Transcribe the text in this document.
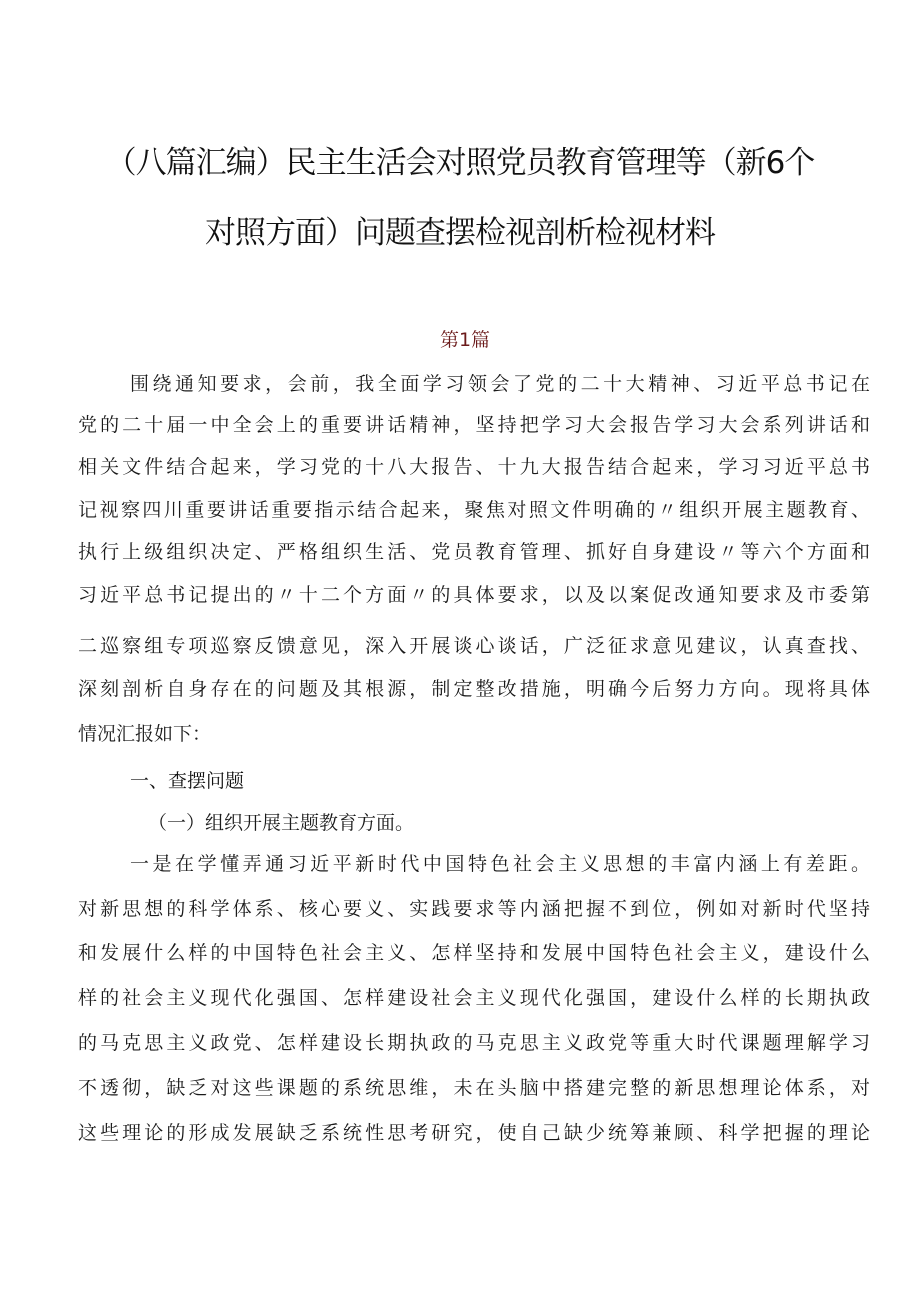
（八篇汇编）民主生活会对照党员教育管理等（新6个
对照方面）问题查摆检视剖析检视材料
第1篇
围绕通知要求，会前，我全面学习领会了党的二十大精神、习近平总书记在
党的二十届一中全会上的重要讲话精神，坚持把学习大会报告学习大会系列讲话和
相关文件结合起来，学习党的十八大报告、十九大报告结合起来，学习习近平总书
记视察四川重要讲话重要指示结合起来，聚焦对照文件明确的〃组织开展主题教育、
执行上级组织决定、严格组织生活、党员教育管理、抓好自身建设〃等六个方面和
习近平总书记提出的〃十二个方面〃的具体要求，以及以案促改通知要求及市委第
二巡察组专项巡察反馈意见，深入开展谈心谈话，广泛征求意见建议，认真查找、
深刻剖析自身存在的问题及其根源，制定整改措施，明确今后努力方向。现将具体
情况汇报如下：
一、查摆问题
（一）组织开展主题教育方面。
一是在学懂弄通习近平新时代中国特色社会主义思想的丰富内涵上有差距。
对新思想的科学体系、核心要义、实践要求等内涵把握不到位，例如对新时代坚持
和发展什么样的中国特色社会主义、怎样坚持和发展中国特色社会主义，建设什么
样的社会主义现代化强国、怎样建设社会主义现代化强国，建设什么样的长期执政
的马克思主义政党、怎样建设长期执政的马克思主义政党等重大时代课题理解学习
不透彻，缺乏对这些课题的系统思维，未在头脑中搭建完整的新思想理论体系，对
这些理论的形成发展缺乏系统性思考研究，使自己缺少统筹兼顾、科学把握的理论
